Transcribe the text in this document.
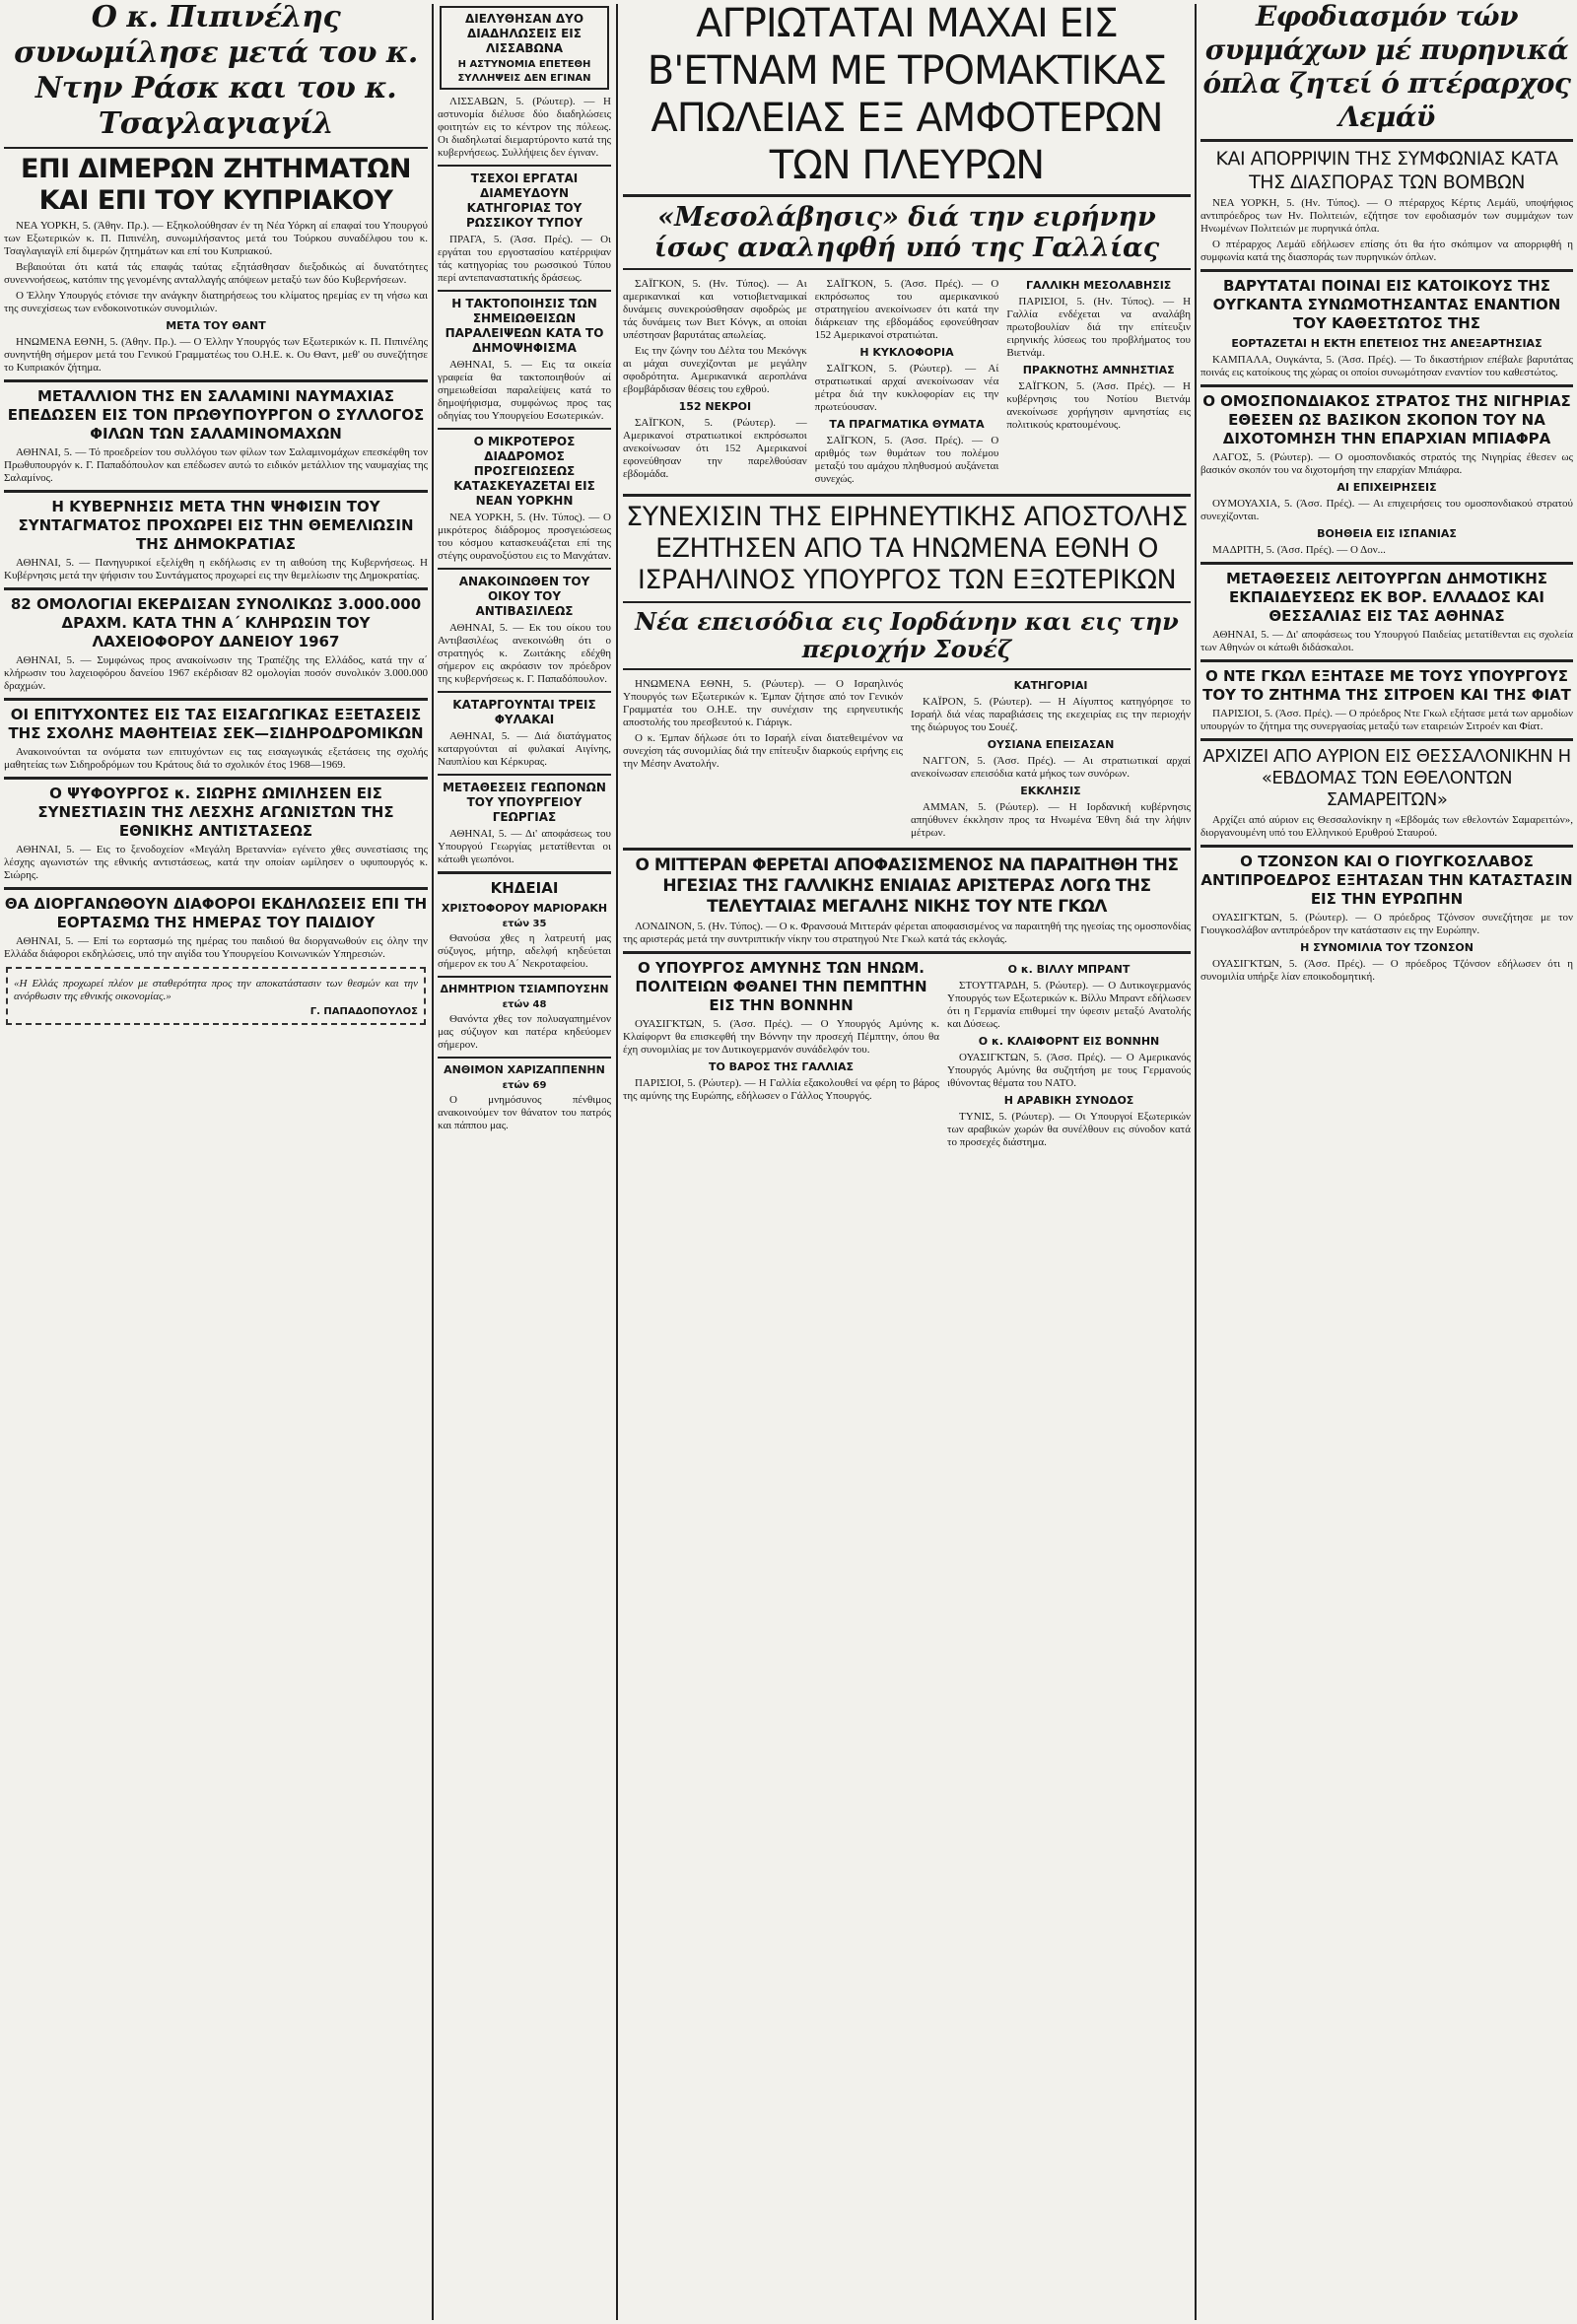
Ο κ. Πιπινέλης συνωμίλησε μετά του κ. Ντην Ράσκ και του κ. Τσαγλαγιαγίλ
ΕΠΙ ΔΙΜΕΡΩΝ ΖΗΤΗΜΑΤΩΝ ΚΑΙ ΕΠΙ ΤΟΥ ΚΥΠΡΙΑΚΟΥ

ΝΕΑ ΥΟΡΚΗ, 5. (Άθην. Πρ.). — Εξηκολούθησαν έν τη Νέα Υόρκη αί επαφαί του Υπουργού των Εξωτερικών κ. Π. Πιπινέλη, συνωμιλήσαντος μετά του Τούρκου συναδέλφου του κ. Τσαγλαγιαγίλ επί διμερών ζητημάτων και επί του Κυπριακού.

Βεβαιούται ότι κατά τάς επαφάς ταύτας εξητάσθησαν διεξοδικώς αί δυνατότητες συνεννοήσεως, κατόπιν της γενομένης ανταλλαγής απόψεων μεταξύ των δύο Κυβερνήσεων.

Ο Έλλην Υπουργός ετόνισε την ανάγκην διατηρήσεως του κλίματος ηρεμίας εν τη νήσω και της συνεχίσεως των ενδοκοινοτικών συνομιλιών.

ΜΕΤΑ ΤΟΥ ΘΑΝΤ

ΗΝΩΜΕΝΑ ΕΘΝΗ, 5. (Άθην. Πρ.). — Ο Έλλην Υπουργός των Εξωτερικών κ. Π. Πιπινέλης συνηντήθη σήμερον μετά του Γενικού Γραμματέως του Ο.Η.Ε. κ. Ου Θαντ, μεθ' ου συνεζήτησε το Κυπριακόν ζήτημα.

ΜΕΤΑΛΛΙΟΝ ΤΗΣ ΕΝ ΣΑΛΑΜΙΝΙ ΝΑΥΜΑΧΙΑΣ ΕΠΕΔΩΣΕΝ ΕΙΣ ΤΟΝ ΠΡΩΘΥΠΟΥΡΓΟΝ Ο ΣΥΛΛΟΓΟΣ ΦΙΛΩΝ ΤΩΝ ΣΑΛΑΜΙΝΟΜΑΧΩΝ

ΑΘΗΝΑΙ, 5. — Τό προεδρείον του συλλόγου των φίλων των Σαλαμινομάχων επεσκέφθη τον Πρωθυπουργόν κ. Γ. Παπαδόπουλον και επέδωσεν αυτώ το ειδικόν μετάλλιον της ναυμαχίας της Σαλαμίνος.

Η ΚΥΒΕΡΝΗΣΙΣ ΜΕΤΑ ΤΗΝ ΨΗΦΙΣΙΝ ΤΟΥ ΣΥΝΤΑΓΜΑΤΟΣ ΠΡΟΧΩΡΕΙ ΕΙΣ ΤΗΝ ΘΕΜΕΛΙΩΣΙΝ ΤΗΣ ΔΗΜΟΚΡΑΤΙΑΣ

ΑΘΗΝΑΙ, 5. — Πανηγυρικοί εξελίχθη η εκδήλωσις εν τη αιθούση της Κυβερνήσεως. Η Κυβέρνησις μετά την ψήφισιν του Συντάγματος προχωρεί εις την θεμελίωσιν της Δημοκρατίας.

82 ΟΜΟΛΟΓΙΑΙ ΕΚΕΡΔΙΣΑΝ ΣΥΝΟΛΙΚΩΣ 3.000.000 ΔΡΑΧΜ. ΚΑΤΑ ΤΗΝ Α΄ ΚΛΗΡΩΣΙΝ ΤΟΥ ΛΑΧΕΙΟΦΟΡΟΥ ΔΑΝΕΙΟΥ 1967

ΑΘΗΝΑΙ, 5. — Συμφώνως προς ανακοίνωσιν της Τραπέζης της Ελλάδος, κατά την α΄ κλήρωσιν του λαχειοφόρου δανείου 1967 εκέρδισαν 82 ομολογίαι ποσόν συνολικόν 3.000.000 δραχμών.

ΟΙ ΕΠΙΤΥΧΟΝΤΕΣ ΕΙΣ ΤΑΣ ΕΙΣΑΓΩΓΙΚΑΣ ΕΞΕΤΑΣΕΙΣ ΤΗΣ ΣΧΟΛΗΣ ΜΑΘΗΤΕΙΑΣ ΣΕΚ—ΣΙΔΗΡΟΔΡΟΜΙΚΩΝ

Ανακοινούνται τα ονόματα των επιτυχόντων εις τας εισαγωγικάς εξετάσεις της σχολής μαθητείας των Σιδηροδρόμων του Κράτους διά το σχολικόν έτος 1968—1969.

Ο ΨΥΦΟΥΡΓΟΣ κ. ΣΙΩΡΗΣ ΩΜΙΛΗΣΕΝ ΕΙΣ ΣΥΝΕΣΤΙΑΣΙΝ ΤΗΣ ΛΕΣΧΗΣ ΑΓΩΝΙΣΤΩΝ ΤΗΣ ΕΘΝΙΚΗΣ ΑΝΤΙΣΤΑΣΕΩΣ

ΑΘΗΝΑΙ, 5. — Εις το ξενοδοχείον «Μεγάλη Βρεταννία» εγένετο χθες συνεστίασις της λέσχης αγωνιστών της εθνικής αντιστάσεως, κατά την οποίαν ωμίλησεν ο υφυπουργός κ. Σιώρης.

ΘΑ ΔΙΟΡΓΑΝΩΘΟΥΝ ΔΙΑΦΟΡΟΙ ΕΚΔΗΛΩΣΕΙΣ ΕΠΙ ΤΗ ΕΟΡΤΑΣΜΩ ΤΗΣ ΗΜΕΡΑΣ ΤΟΥ ΠΑΙΔΙΟΥ

ΑΘΗΝΑΙ, 5. — Επί τω εορτασμώ της ημέρας του παιδιού θα διοργανωθούν εις όλην την Ελλάδα διάφοροι εκδηλώσεις, υπό την αιγίδα του Υπουργείου Κοινωνικών Υπηρεσιών.

«Η Ελλάς προχωρεί πλέον με σταθερότητα προς την αποκατάστασιν των θεσμών και την ανόρθωσιν της εθνικής οικονομίας.»

Γ. ΠΑΠΑΔΟΠΟΥΛΟΣ
ΔΙΕΛΥΘΗΣΑΝ ΔΥΟ ΔΙΑΔΗΛΩΣΕΙΣ ΕΙΣ ΛΙΣΣΑΒΩΝΑ
Η ΑΣΤΥΝΟΜΙΑ ΕΠΕΤΕΘΗ
ΣΥΛΛΗΨΕΙΣ ΔΕΝ ΕΓΙΝΑΝ

ΛΙΣΣΑΒΩΝ, 5. (Ρώυτερ). — Η αστυνομία διέλυσε δύο διαδηλώσεις φοιτητών εις το κέντρον της πόλεως. Οι διαδηλωταί διεμαρτύροντο κατά της κυβερνήσεως. Συλλήψεις δεν έγιναν.

ΤΣΕΧΟΙ ΕΡΓΑΤΑΙ ΔΙΑΜΕΥΔΟΥΝ ΚΑΤΗΓΟΡΙΑΣ ΤΟΥ ΡΩΣΣΙΚΟΥ ΤΥΠΟΥ

ΠΡΑΓΑ, 5. (Άσσ. Πρές). — Οι εργάται του εργοστασίου κατέρριψαν τάς κατηγορίας του ρωσσικού Τύπου περί αντεπαναστατικής δράσεως.

Η ΤΑΚΤΟΠΟΙΗΣΙΣ ΤΩΝ ΣΗΜΕΙΩΘΕΙΣΩΝ ΠΑΡΑΛΕΙΨΕΩΝ ΚΑΤΑ ΤΟ ΔΗΜΟΨΗΦΙΣΜΑ

ΑΘΗΝΑΙ, 5. — Εις τα οικεία γραφεία θα τακτοποιηθούν αί σημειωθείσαι παραλείψεις κατά το δημοψήφισμα, συμφώνως προς τας οδηγίας του Υπουργείου Εσωτερικών.

Ο ΜΙΚΡΟΤΕΡΟΣ ΔΙΑΔΡΟΜΟΣ ΠΡΟΣΓΕΙΩΣΕΩΣ ΚΑΤΑΣΚΕΥΑΖΕΤΑΙ ΕΙΣ ΝΕΑΝ ΥΟΡΚΗΝ

ΝΕΑ ΥΟΡΚΗ, 5. (Ην. Τύπος). — Ο μικρότερος διάδρομος προσγειώσεως του κόσμου κατασκευάζεται επί της στέγης ουρανοξύστου εις το Μανχάταν.

ΑΝΑΚΟΙΝΩΘΕΝ ΤΟΥ ΟΙΚΟΥ ΤΟΥ ΑΝΤΙΒΑΣΙΛΕΩΣ

ΑΘΗΝΑΙ, 5. — Εκ του οίκου του Αντιβασιλέως ανεκοινώθη ότι ο στρατηγός κ. Ζωιτάκης εδέχθη σήμερον εις ακρόασιν τον πρόεδρον της κυβερνήσεως κ. Γ. Παπαδόπουλον.

ΚΑΤΑΡΓΟΥΝΤΑΙ ΤΡΕΙΣ ΦΥΛΑΚΑΙ

ΑΘΗΝΑΙ, 5. — Διά διατάγματος καταργούνται αί φυλακαί Αιγίνης, Ναυπλίου και Κέρκυρας.

ΜΕΤΑΘΕΣΕΙΣ ΓΕΩΠΟΝΩΝ ΤΟΥ ΥΠΟΥΡΓΕΙΟΥ ΓΕΩΡΓΙΑΣ

ΑΘΗΝΑΙ, 5. — Δι' αποφάσεως του Υπουργού Γεωργίας μετατίθενται οι κάτωθι γεωπόνοι.

ΚΗΔΕΙΑΙ
ΧΡΙΣΤΟΦΟΡΟΥ ΜΑΡΙΟΡΑΚΗ
ετών 35

Θανούσα χθες η λατρευτή μας σύζυγος, μήτηρ, αδελφή κηδεύεται σήμερον εκ του Α΄ Νεκροταφείου.

ΔΗΜΗΤΡΙΟΝ ΤΣΙΑΜΠΟΥΣΗΝ
ετών 48

Θανόντα χθες τον πολυαγαπημένον μας σύζυγον και πατέρα κηδεύομεν σήμερον.

ΑΝΘΙΜΟΝ ΧΑΡΙΖΑΠΠΕΝΗΝ
ετών 69

Ο μνημόσυνος πένθιμος ανακοινούμεν τον θάνατον του πατρός και πάππου μας.

ΑΓΡΙΩΤΑΤΑΙ ΜΑΧΑΙ ΕΙΣ Β'ΕΤΝΑΜ ΜΕ ΤΡΟΜΑΚΤΙΚΑΣ ΑΠΩΛΕΙΑΣ ΕΞ ΑΜΦΟΤΕΡΩΝ ΤΩΝ ΠΛΕΥΡΩΝ
«Μεσολάβησις» διά την ειρήνην ίσως αναληφθή υπό της Γαλλίας

ΣΑΪΓΚΟΝ, 5. (Ην. Τύπος). — Αι αμερικανικαί και νοτιοβιετναμικαί δυνάμεις συνεκρούσθησαν σφοδρώς με τάς δυνάμεις των Βιετ Κόνγκ, αι οποίαι υπέστησαν βαρυτάτας απωλείας.

Εις την ζώνην του Δέλτα του Μεκόνγκ αι μάχαι συνεχίζονται με μεγάλην σφοδρότητα. Αμερικανικά αεροπλάνα εβομβάρδισαν θέσεις του εχθρού.

152 ΝΕΚΡΟΙ

ΣΑΪΓΚΟΝ, 5. (Ρώυτερ). — Αμερικανοί στρατιωτικοί εκπρόσωποι ανεκοίνωσαν ότι 152 Αμερικανοί εφονεύθησαν την παρελθούσαν εβδομάδα.

ΣΑΪΓΚΟΝ, 5. (Άσσ. Πρές). — Ο εκπρόσωπος του αμερικανικού στρατηγείου ανεκοίνωσεν ότι κατά την διάρκειαν της εβδομάδος εφονεύθησαν 152 Αμερικανοί στρατιώται.

Η ΚΥΚΛΟΦΟΡΙΑ

ΣΑΪΓΚΟΝ, 5. (Ρώυτερ). — Αί στρατιωτικαί αρχαί ανεκοίνωσαν νέα μέτρα διά την κυκλοφορίαν εις την πρωτεύουσαν.

ΤΑ ΠΡΑΓΜΑΤΙΚΑ ΘΥΜΑΤΑ

ΣΑΪΓΚΟΝ, 5. (Άσσ. Πρές). — Ο αριθμός των θυμάτων του πολέμου μεταξύ του αμάχου πληθυσμού αυξάνεται συνεχώς.

ΓΑΛΛΙΚΗ ΜΕΣΟΛΑΒΗΣΙΣ

ΠΑΡΙΣΙΟΙ, 5. (Ην. Τύπος). — Η Γαλλία ενδέχεται να αναλάβη πρωτοβουλίαν διά την επίτευξιν ειρηνικής λύσεως του προβλήματος του Βιετνάμ.

ΠΡΑΚΝΟΤΗΣ ΑΜΝΗΣΤΙΑΣ

ΣΑΪΓΚΟΝ, 5. (Άσσ. Πρές). — Η κυβέρνησις του Νοτίου Βιετνάμ ανεκοίνωσε χορήγησιν αμνηστίας εις πολιτικούς κρατουμένους.

ΣΥΝΕΧΙΣΙΝ ΤΗΣ ΕΙΡΗΝΕΥΤΙΚΗΣ ΑΠΟΣΤΟΛΗΣ ΕΖΗΤΗΣΕΝ ΑΠΟ ΤΑ ΗΝΩΜΕΝΑ ΕΘΝΗ Ο ΙΣΡΑΗΛΙΝΟΣ ΥΠΟΥΡΓΟΣ ΤΩΝ ΕΞΩΤΕΡΙΚΩΝ
Νέα επεισόδια εις Ιορδάνην και εις την περιοχήν Σουέζ

ΗΝΩΜΕΝΑ ΕΘΝΗ, 5. (Ρώυτερ). — Ο Ισραηλινός Υπουργός των Εξωτερικών κ. Έμπαν ζήτησε από τον Γενικόν Γραμματέα του Ο.Η.Ε. την συνέχισιν της ειρηνευτικής αποστολής του πρεσβευτού κ. Γιάριγκ.

Ο κ. Έμπαν δήλωσε ότι το Ισραήλ είναι διατεθειμένον να συνεχίση τάς συνομιλίας διά την επίτευξιν διαρκούς ειρήνης εις την Μέσην Ανατολήν.

ΚΑΤΗΓΟΡΙΑΙ

ΚΑΪΡΟΝ, 5. (Ρώυτερ). — Η Αίγυπτος κατηγόρησε το Ισραήλ διά νέας παραβιάσεις της εκεχειρίας εις την περιοχήν της διώρυγος του Σουέζ.

ΟΥΣΙΑΝΑ ΕΠΕΙΣΑΣΑΝ

ΝΑΓΓΟΝ, 5. (Άσσ. Πρές). — Αι στρατιωτικαί αρχαί ανεκοίνωσαν επεισόδια κατά μήκος των συνόρων.

ΕΚΚΛΗΣΙΣ

ΑΜΜΑΝ, 5. (Ρώυτερ). — Η Ιορδανική κυβέρνησις απηύθυνεν έκκλησιν προς τα Ηνωμένα Έθνη διά την λήψιν μέτρων.

Ο ΜΙΤΤΕΡΑΝ ΦΕΡΕΤΑΙ ΑΠΟΦΑΣΙΣΜΕΝΟΣ ΝΑ ΠΑΡΑΙΤΗΘΗ ΤΗΣ ΗΓΕΣΙΑΣ ΤΗΣ ΓΑΛΛΙΚΗΣ ΕΝΙΑΙΑΣ ΑΡΙΣΤΕΡΑΣ ΛΟΓΩ ΤΗΣ ΤΕΛΕΥΤΑΙΑΣ ΜΕΓΑΛΗΣ ΝΙΚΗΣ ΤΟΥ ΝΤΕ ΓΚΩΛ

ΛΟΝΔΙΝΟΝ, 5. (Ην. Τύπος). — Ο κ. Φρανσουά Μιττεράν φέρεται αποφασισμένος να παραιτηθή της ηγεσίας της ομοσπονδίας της αριστεράς μετά την συντριπτικήν νίκην του στρατηγού Ντε Γκωλ κατά τάς εκλογάς.

Ο ΥΠΟΥΡΓΟΣ ΑΜΥΝΗΣ ΤΩΝ ΗΝΩΜ. ΠΟΛΙΤΕΙΩΝ ΦΘΑΝΕΙ ΤΗΝ ΠΕΜΠΤΗΝ ΕΙΣ ΤΗΝ ΒΟΝΝΗΝ

ΟΥΑΣΙΓΚΤΩΝ, 5. (Άσσ. Πρές). — Ο Υπουργός Αμύνης κ. Κλαίφορντ θα επισκεφθή την Βόννην την προσεχή Πέμπτην, όπου θα έχη συνομιλίας με τον Δυτικογερμανόν συνάδελφόν του.

ΤΟ ΒΑΡΟΣ ΤΗΣ ΓΑΛΛΙΑΣ

ΠΑΡΙΣΙΟΙ, 5. (Ρώυτερ). — Η Γαλλία εξακολουθεί να φέρη το βάρος της αμύνης της Ευρώπης, εδήλωσεν ο Γάλλος Υπουργός.

Ο κ. ΒΙΛΛΥ ΜΠΡΑΝΤ

ΣΤΟΥΤΓΑΡΔΗ, 5. (Ρώυτερ). — Ο Δυτικογερμανός Υπουργός των Εξωτερικών κ. Βίλλυ Μπραντ εδήλωσεν ότι η Γερμανία επιθυμεί την ύφεσιν μεταξύ Ανατολής και Δύσεως.

Ο κ. ΚΛΑΙΦΟΡΝΤ ΕΙΣ ΒΟΝΝΗΝ

ΟΥΑΣΙΓΚΤΩΝ, 5. (Άσσ. Πρές). — Ο Αμερικανός Υπουργός Αμύνης θα συζητήση με τους Γερμανούς ιθύνοντας θέματα του ΝΑΤΟ.

Η ΑΡΑΒΙΚΗ ΣΥΝΟΔΟΣ

ΤΥΝΙΣ, 5. (Ρώυτερ). — Οι Υπουργοί Εξωτερικών των αραβικών χωρών θα συνέλθουν εις σύνοδον κατά το προσεχές διάστημα.

Εφοδιασμόν τών συμμάχων μέ πυρηνικά όπλα ζητεί ό πτέραρχος Λεμάϋ
ΚΑΙ ΑΠΟΡΡΙΨΙΝ ΤΗΣ ΣΥΜΦΩΝΙΑΣ ΚΑΤΑ ΤΗΣ ΔΙΑΣΠΟΡΑΣ ΤΩΝ ΒΟΜΒΩΝ

ΝΕΑ ΥΟΡΚΗ, 5. (Ην. Τύπος). — Ο πτέραρχος Κέρτις Λεμάϋ, υποψήφιος αντιπρόεδρος των Ην. Πολιτειών, εζήτησε τον εφοδιασμόν των συμμάχων των Ηνωμένων Πολιτειών με πυρηνικά όπλα.

Ο πτέραρχος Λεμάϋ εδήλωσεν επίσης ότι θα ήτο σκόπιμον να απορριφθή η συμφωνία κατά της διασποράς των πυρηνικών όπλων.

ΒΑΡΥΤΑΤΑΙ ΠΟΙΝΑΙ ΕΙΣ ΚΑΤΟΙΚΟΥΣ ΤΗΣ ΟΥΓΚΑΝΤΑ ΣΥΝΩΜΟΤΗΣΑΝΤΑΣ ΕΝΑΝΤΙΟΝ ΤΟΥ ΚΑΘΕΣΤΩΤΟΣ ΤΗΣ
ΕΟΡΤΑΖΕΤΑΙ Η ΕΚΤΗ ΕΠΕΤΕΙΟΣ ΤΗΣ ΑΝΕΞΑΡΤΗΣΙΑΣ

ΚΑΜΠΑΛΑ, Ουγκάντα, 5. (Άσσ. Πρές). — Το δικαστήριον επέβαλε βαρυτάτας ποινάς εις κατοίκους της χώρας οι οποίοι συνωμότησαν εναντίον του καθεστώτος.

Ο ΟΜΟΣΠΟΝΔΙΑΚΟΣ ΣΤΡΑΤΟΣ ΤΗΣ ΝΙΓΗΡΙΑΣ ΕΘΕΣΕΝ ΩΣ ΒΑΣΙΚΟΝ ΣΚΟΠΟΝ ΤΟΥ ΝΑ ΔΙΧΟΤΟΜΗΣΗ ΤΗΝ ΕΠΑΡΧΙΑΝ ΜΠΙΑΦΡΑ

ΛΑΓΟΣ, 5. (Ρώυτερ). — Ο ομοσπονδιακός στρατός της Νιγηρίας έθεσεν ως βασικόν σκοπόν του να διχοτομήση την επαρχίαν Μπιάφρα.

ΑΙ ΕΠΙΧΕΙΡΗΣΕΙΣ

ΟΥΜΟΥΑΧΙΑ, 5. (Άσσ. Πρές). — Αι επιχειρήσεις του ομοσπονδιακού στρατού συνεχίζονται.

ΒΟΗΘΕΙΑ ΕΙΣ ΙΣΠΑΝΙΑΣ

ΜΑΔΡΙΤΗ, 5. (Άσσ. Πρές). — Ο Δον...

ΜΕΤΑΘΕΣΕΙΣ ΛΕΙΤΟΥΡΓΩΝ ΔΗΜΟΤΙΚΗΣ ΕΚΠΑΙΔΕΥΣΕΩΣ ΕΚ ΒΟΡ. ΕΛΛΑΔΟΣ ΚΑΙ ΘΕΣΣΑΛΙΑΣ ΕΙΣ ΤΑΣ ΑΘΗΝΑΣ

ΑΘΗΝΑΙ, 5. — Δι' αποφάσεως του Υπουργού Παιδείας μετατίθενται εις σχολεία των Αθηνών οι κάτωθι διδάσκαλοι.

Ο ΝΤΕ ΓΚΩΛ ΕΞΗΤΑΣΕ ΜΕ ΤΟΥΣ ΥΠΟΥΡΓΟΥΣ ΤΟΥ ΤΟ ΖΗΤΗΜΑ ΤΗΣ ΣΙΤΡΟΕΝ ΚΑΙ ΤΗΣ ΦΙΑΤ

ΠΑΡΙΣΙΟΙ, 5. (Άσσ. Πρές). — Ο πρόεδρος Ντε Γκωλ εξήτασε μετά των αρμοδίων υπουργών το ζήτημα της συνεργασίας μεταξύ των εταιρειών Σιτροέν και Φίατ.

ΑΡΧΙΖΕΙ ΑΠΟ ΑΥΡΙΟΝ ΕΙΣ ΘΕΣΣΑΛΟΝΙΚΗΝ Η «ΕΒΔΟΜΑΣ ΤΩΝ ΕΘΕΛΟΝΤΩΝ ΣΑΜΑΡΕΙΤΩΝ»

Αρχίζει από αύριον εις Θεσσαλονίκην η «Εβδομάς των εθελοντών Σαμαρειτών», διοργανουμένη υπό του Ελληνικού Ερυθρού Σταυρού.

Ο ΤΖΟΝΣΟΝ ΚΑΙ Ο ΓΙΟΥΓΚΟΣΛΑΒΟΣ ΑΝΤΙΠΡΟΕΔΡΟΣ ΕΞΗΤΑΣΑΝ ΤΗΝ ΚΑΤΑΣΤΑΣΙΝ ΕΙΣ ΤΗΝ ΕΥΡΩΠΗΝ

ΟΥΑΣΙΓΚΤΩΝ, 5. (Ρώυτερ). — Ο πρόεδρος Τζόνσον συνεζήτησε με τον Γιουγκοσλάβον αντιπρόεδρον την κατάστασιν εις την Ευρώπην.

Η ΣΥΝΟΜΙΛΙΑ ΤΟΥ ΤΖΟΝΣΟΝ

ΟΥΑΣΙΓΚΤΩΝ, 5. (Άσσ. Πρές). — Ο πρόεδρος Τζόνσον εδήλωσεν ότι η συνομιλία υπήρξε λίαν εποικοδομητική.
